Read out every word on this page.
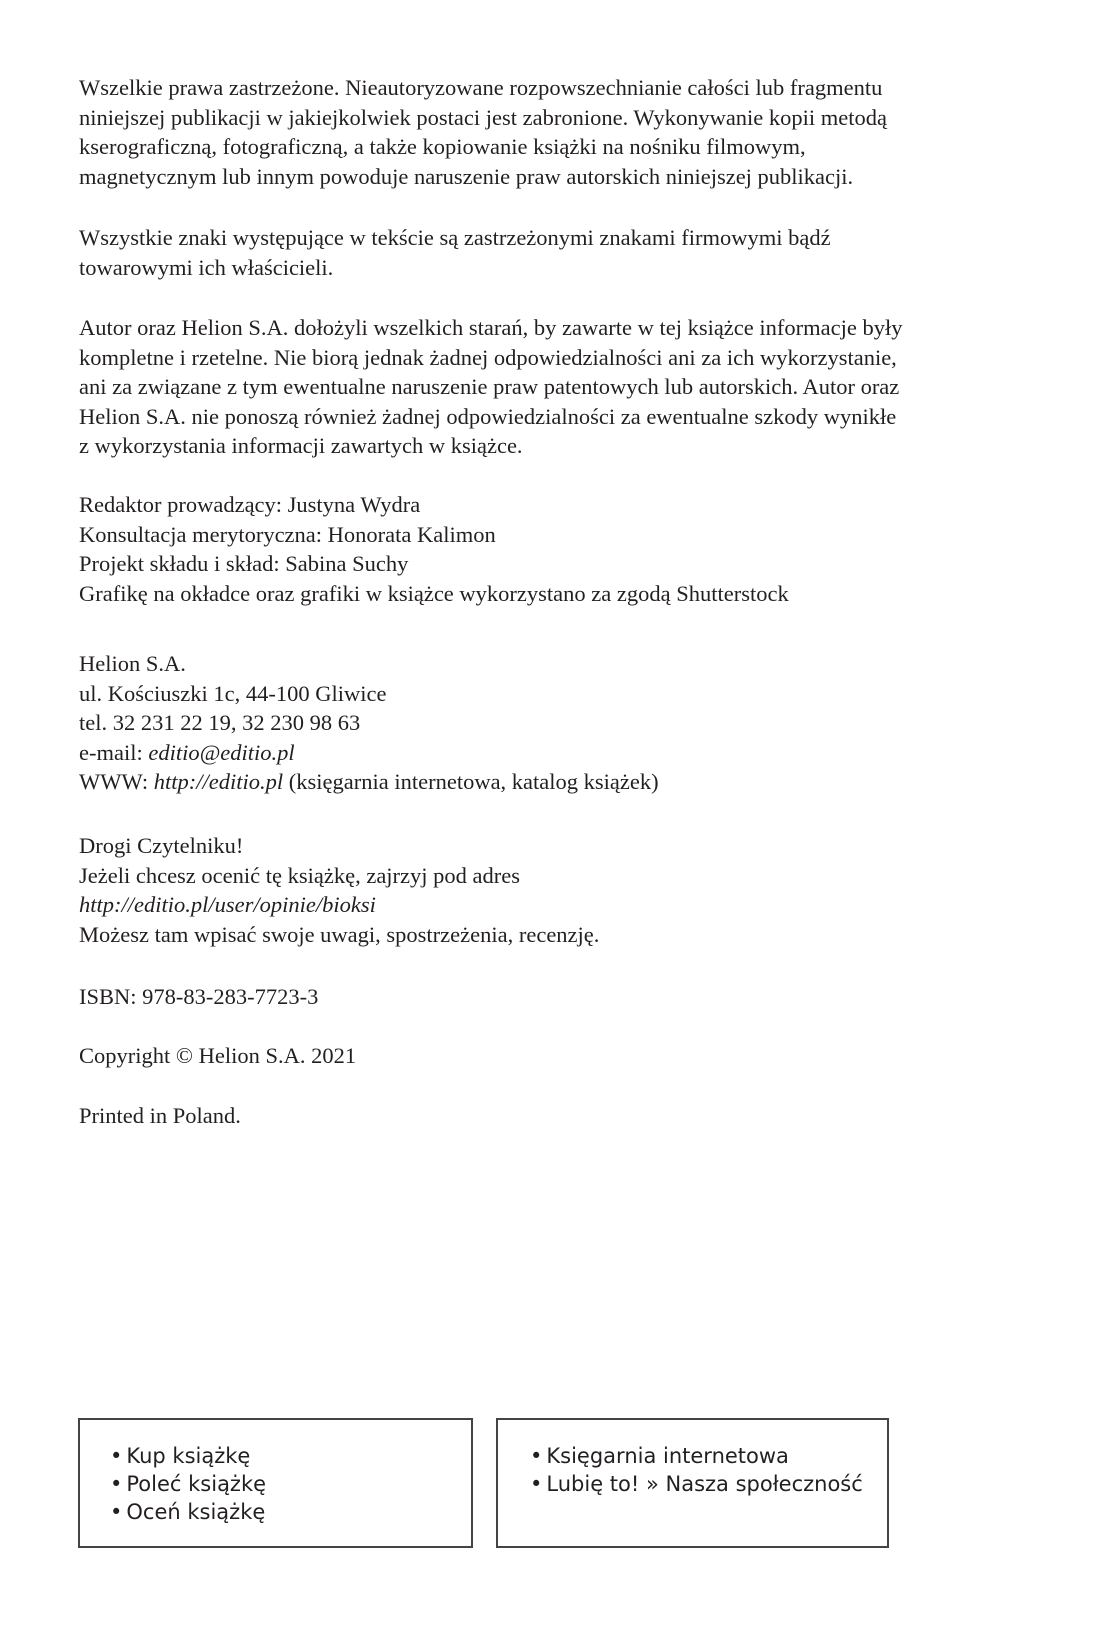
Wszelkie prawa zastrzeżone. Nieautoryzowane rozpowszechnianie całości lub fragmentu
niniejszej publikacji w jakiejkolwiek postaci jest zabronione. Wykonywanie kopii metodą
kserograficzną, fotograficzną, a także kopiowanie książki na nośniku filmowym,
magnetycznym lub innym powoduje naruszenie praw autorskich niniejszej publikacji.
Wszystkie znaki występujące w tekście są zastrzeżonymi znakami firmowymi bądź
towarowymi ich właścicieli.
Autor oraz Helion S.A. dołożyli wszelkich starań, by zawarte w tej książce informacje były
kompletne i rzetelne. Nie biorą jednak żadnej odpowiedzialności ani za ich wykorzystanie,
ani za związane z tym ewentualne naruszenie praw patentowych lub autorskich. Autor oraz
Helion S.A. nie ponoszą również żadnej odpowiedzialności za ewentualne szkody wynikłe
z wykorzystania informacji zawartych w książce.
Redaktor prowadzący: Justyna Wydra
Konsultacja merytoryczna: Honorata Kalimon
Projekt składu i skład: Sabina Suchy
Grafikę na okładce oraz grafiki w książce wykorzystano za zgodą Shutterstock
Helion S.A.
ul. Kościuszki 1c, 44-100 Gliwice
tel. 32 231 22 19, 32 230 98 63
e-mail: editio@editio.pl
WWW: http://editio.pl (księgarnia internetowa, katalog książek)
Drogi Czytelniku!
Jeżeli chcesz ocenić tę książkę, zajrzyj pod adres
http://editio.pl/user/opinie/bioksi
Możesz tam wpisać swoje uwagi, spostrzeżenia, recenzję.
ISBN: 978-83-283-7723-3
Copyright © Helion S.A. 2021
Printed in Poland.
• Kup książkę
• Poleć książkę
• Oceń książkę
• Księgarnia internetowa
• Lubię to! » Nasza społeczność
